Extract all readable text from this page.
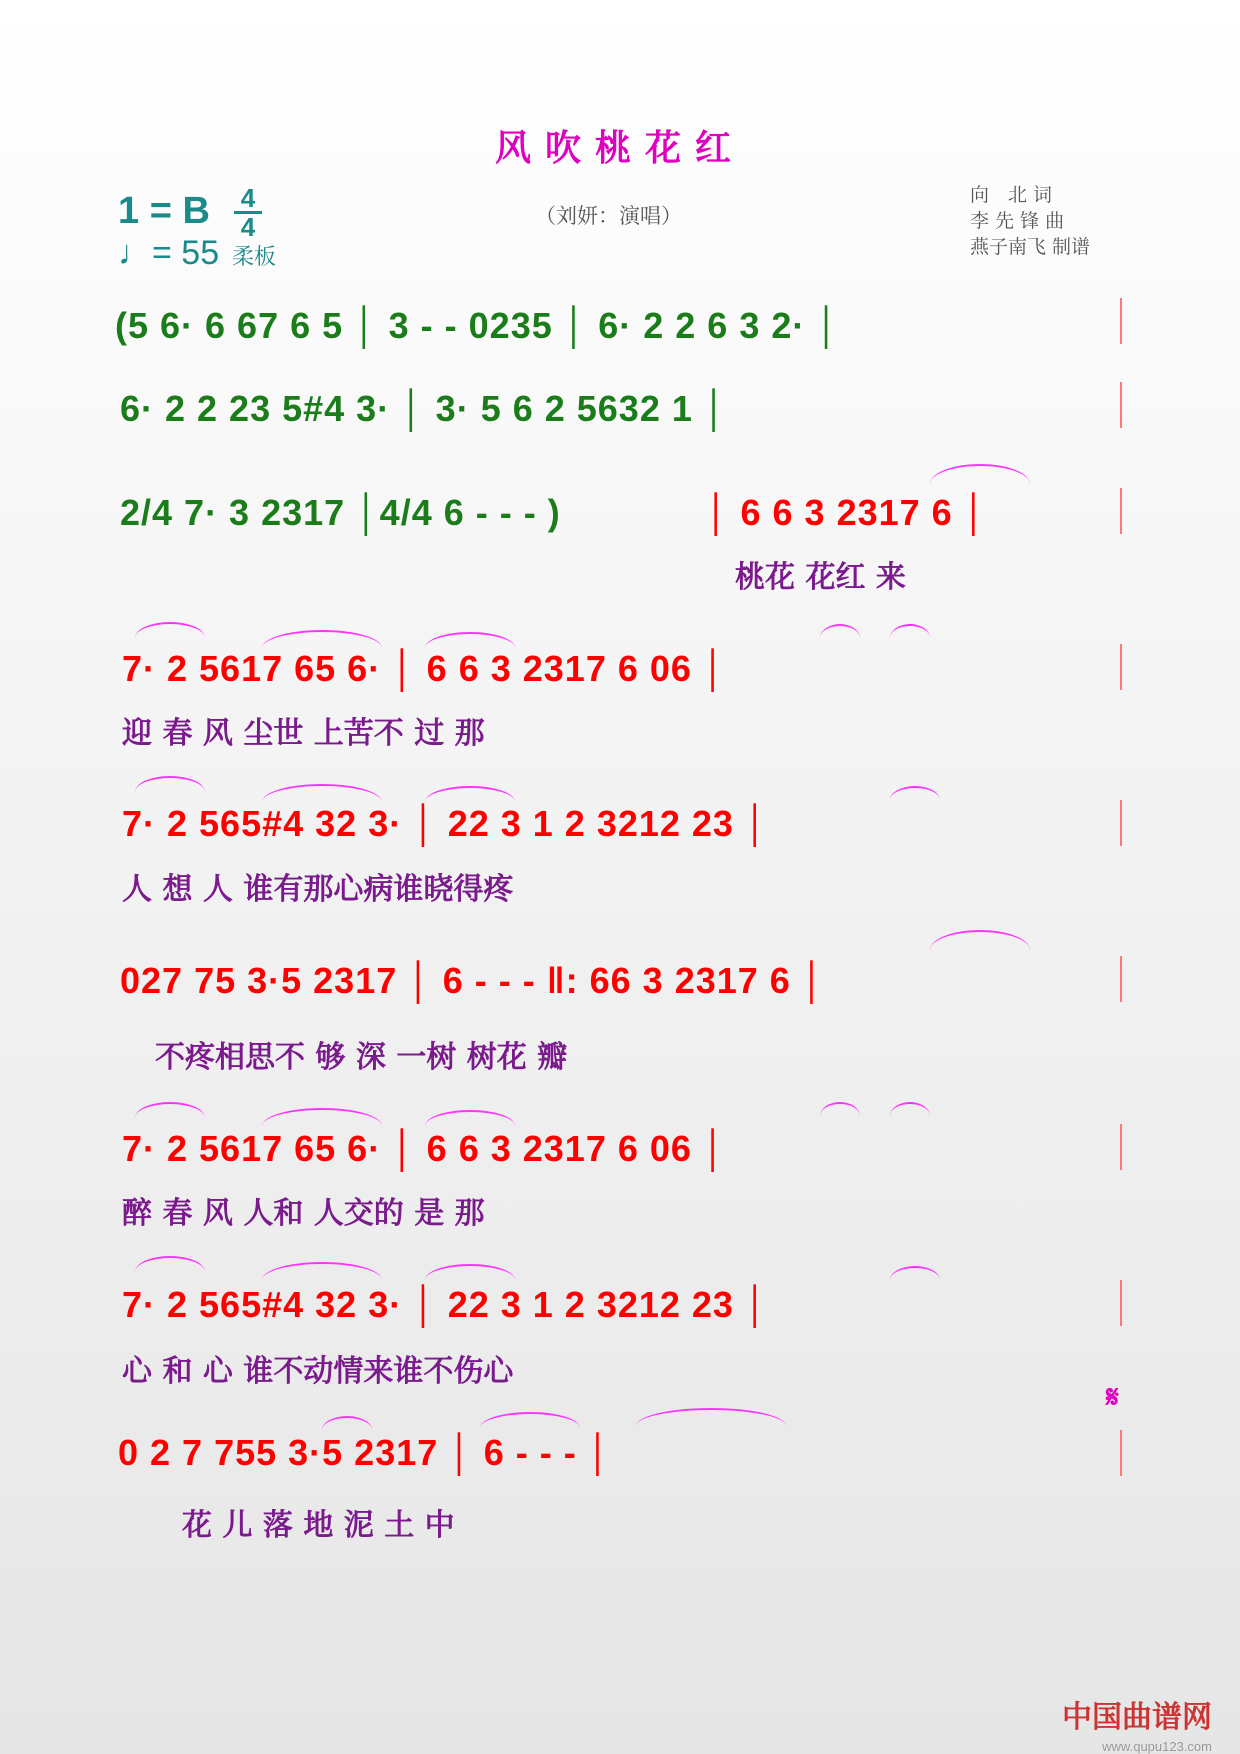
风吹桃花红
1 = B	4
4
♩= 55 柔板
（刘妍：演唱）
向　北 词
李 先 锋 曲
燕子南飞 制谱
(5 6· 6 67 6 5 │ 3 - - 0235 │ 6· 2 2 6 3 2· │
6· 2 2 23 5#4 3· │ 3· 5 6 2 5632 1 │
2/4 7· 3 2317 │4/4 6 - - - )	│ 6 6 3 2317 6 │
桃花 花红 来
7· 2 5617 65 6· │ 6 6 3 2317 6 06 │
迎 春 风 尘世 上苦不 过 那
7· 2 565#4 32 3· │ 22 3 1 2 3212 23 │
人 想 人 谁有那心病谁晓得疼
027 75 3·5 2317 │ 6 - - - ‖: 66 3 2317 6 │
不疼相思不 够 深 一树 树花 瓣
7· 2 5617 65 6· │ 6 6 3 2317 6 06 │
醉 春 风 人和 人交的 是 那
7· 2 565#4 32 3· │ 22 3 1 2 3212 23 │
心 和 心 谁不动情来谁不伤心
0 2 7 755 3·5 2317 │ 6 - - - │
花 儿 落 地 泥 土 中
𝄋
中国曲谱网
www.qupu123.com
